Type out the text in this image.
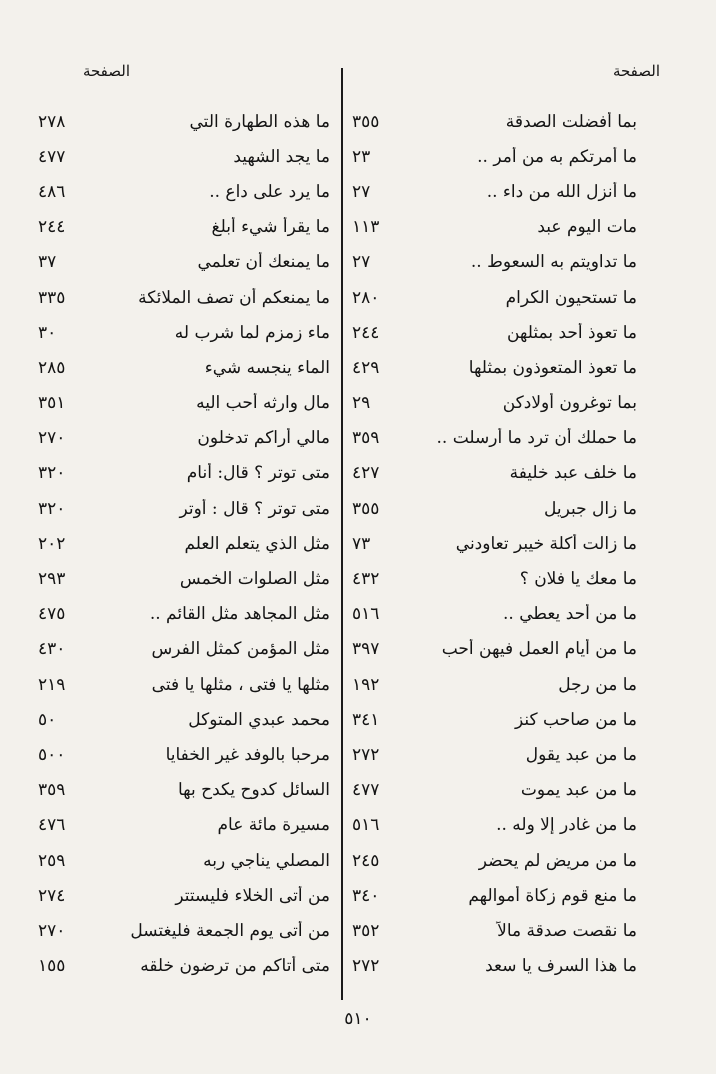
الصفحة
الصفحة
بما أفضلت الصدقة
٣٥٥
ما أمرتكم به من أمر ..
٢٣
ما أنزل الله من داء ..
٢٧
مات اليوم عبد
١١٣
ما تداويتم به السعوط ..
٢٧
ما تستحيون الكرام
٢٨٠
ما تعوذ أحد بمثلهن
٢٤٤
ما تعوذ المتعوذون بمثلها
٤٢٩
بما توغرون أولادكن
٢٩
ما حملك أن ترد ما أرسلت ..
٣٥٩
ما خلف عبد خليفة
٤٢٧
ما زال جبريل
٣٥٥
ما زالت أكلة خيبر تعاودني
٧٣
ما معك يا فلان ؟
٤٣٢
ما من أحد يعطي ..
٥١٦
ما من أيام العمل فيهن أحب
٣٩٧
ما من رجل
١٩٢
ما من صاحب كنز
٣٤١
ما من عبد يقول
٢٧٢
ما من عبد يموت
٤٧٧
ما من غادر إلا وله ..
٥١٦
ما من مريض لم يحضر
٢٤٥
ما منع قوم زكاة أموالهم
٣٤٠
ما نقصت صدقة مالاً
٣٥٢
ما هذا السرف يا سعد
٢٧٢
ما هذه الطهارة التي
٢٧٨
ما يجد الشهيد
٤٧٧
ما يرد على داع ..
٤٨٦
ما يقرأ شيء أبلغ
٢٤٤
ما يمنعك أن تعلمي
٣٧
ما يمنعكم أن تصف الملائكة
٣٣٥
ماء زمزم لما شرب له
٣٠
الماء ينجسه شيء
٢٨٥
مال وارثه أحب اليه
٣٥١
مالي أراكم تدخلون
٢٧٠
متى توتر ؟ قال: أنام
٣٢٠
متى توتر ؟ قال : أوتر
٣٢٠
مثل الذي يتعلم العلم
٢٠٢
مثل الصلوات الخمس
٢٩٣
مثل المجاهد مثل القائم ..
٤٧٥
مثل المؤمن كمثل الفرس
٤٣٠
مثلها يا فتى ، مثلها يا فتى
٢١٩
محمد عبدي المتوكل
٥٠
مرحبا بالوفد غير الخفايا
٥٠٠
السائل كدوح يكدح بها
٣٥٩
مسيرة مائة عام
٤٧٦
المصلي يناجي ربه
٢٥٩
من أتى الخلاء فليستتر
٢٧٤
من أتى يوم الجمعة فليغتسل
٢٧٠
متى أتاكم من ترضون خلقه
١٥٥
٥١٠
